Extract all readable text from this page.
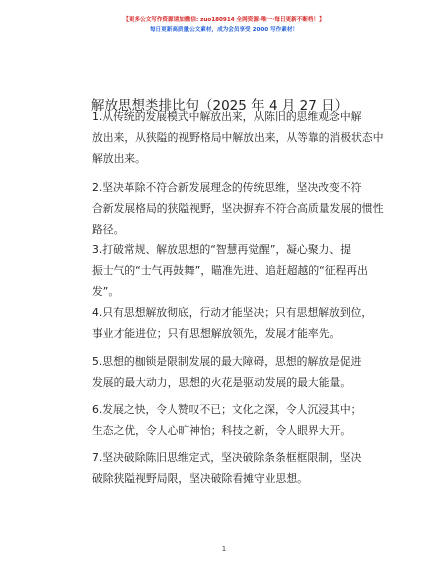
【更多公文写作资源请加微信: zuo180914 全网资源·唯一·每日更新不断档！】
每日更新高质量公文素材，成为会员享受 2000 写作素材！
解放思想类排比句（2025 年 4 月 27 日）
1.从传统的发展模式中解放出来，从陈旧的思维观念中解
放出来，从狭隘的视野格局中解放出来，从等靠的消极状态中
解放出来。
2.坚决革除不符合新发展理念的传统思维，坚决改变不符
合新发展格局的狭隘视野，坚决摒弃不符合高质量发展的惯性
路径。
3.打破常规、解放思想的“智慧再觉醒”，凝心聚力、提
振士气的“士气再鼓舞”，瞄准先进、追赶超越的“征程再出
发”。
4.只有思想解放彻底，行动才能坚决；只有思想解放到位，
事业才能进位；只有思想解放领先，发展才能率先。
5.思想的枷锁是限制发展的最大障碍，思想的解放是促进
发展的最大动力，思想的火花是驱动发展的最大能量。
6.发展之快，令人赞叹不已；文化之深，令人沉浸其中；
生态之优，令人心旷神怡；科技之新，令人眼界大开。
7.坚决破除陈旧思维定式，坚决破除条条框框限制，坚决
破除狭隘视野局限，坚决破除看摊守业思想。
1
